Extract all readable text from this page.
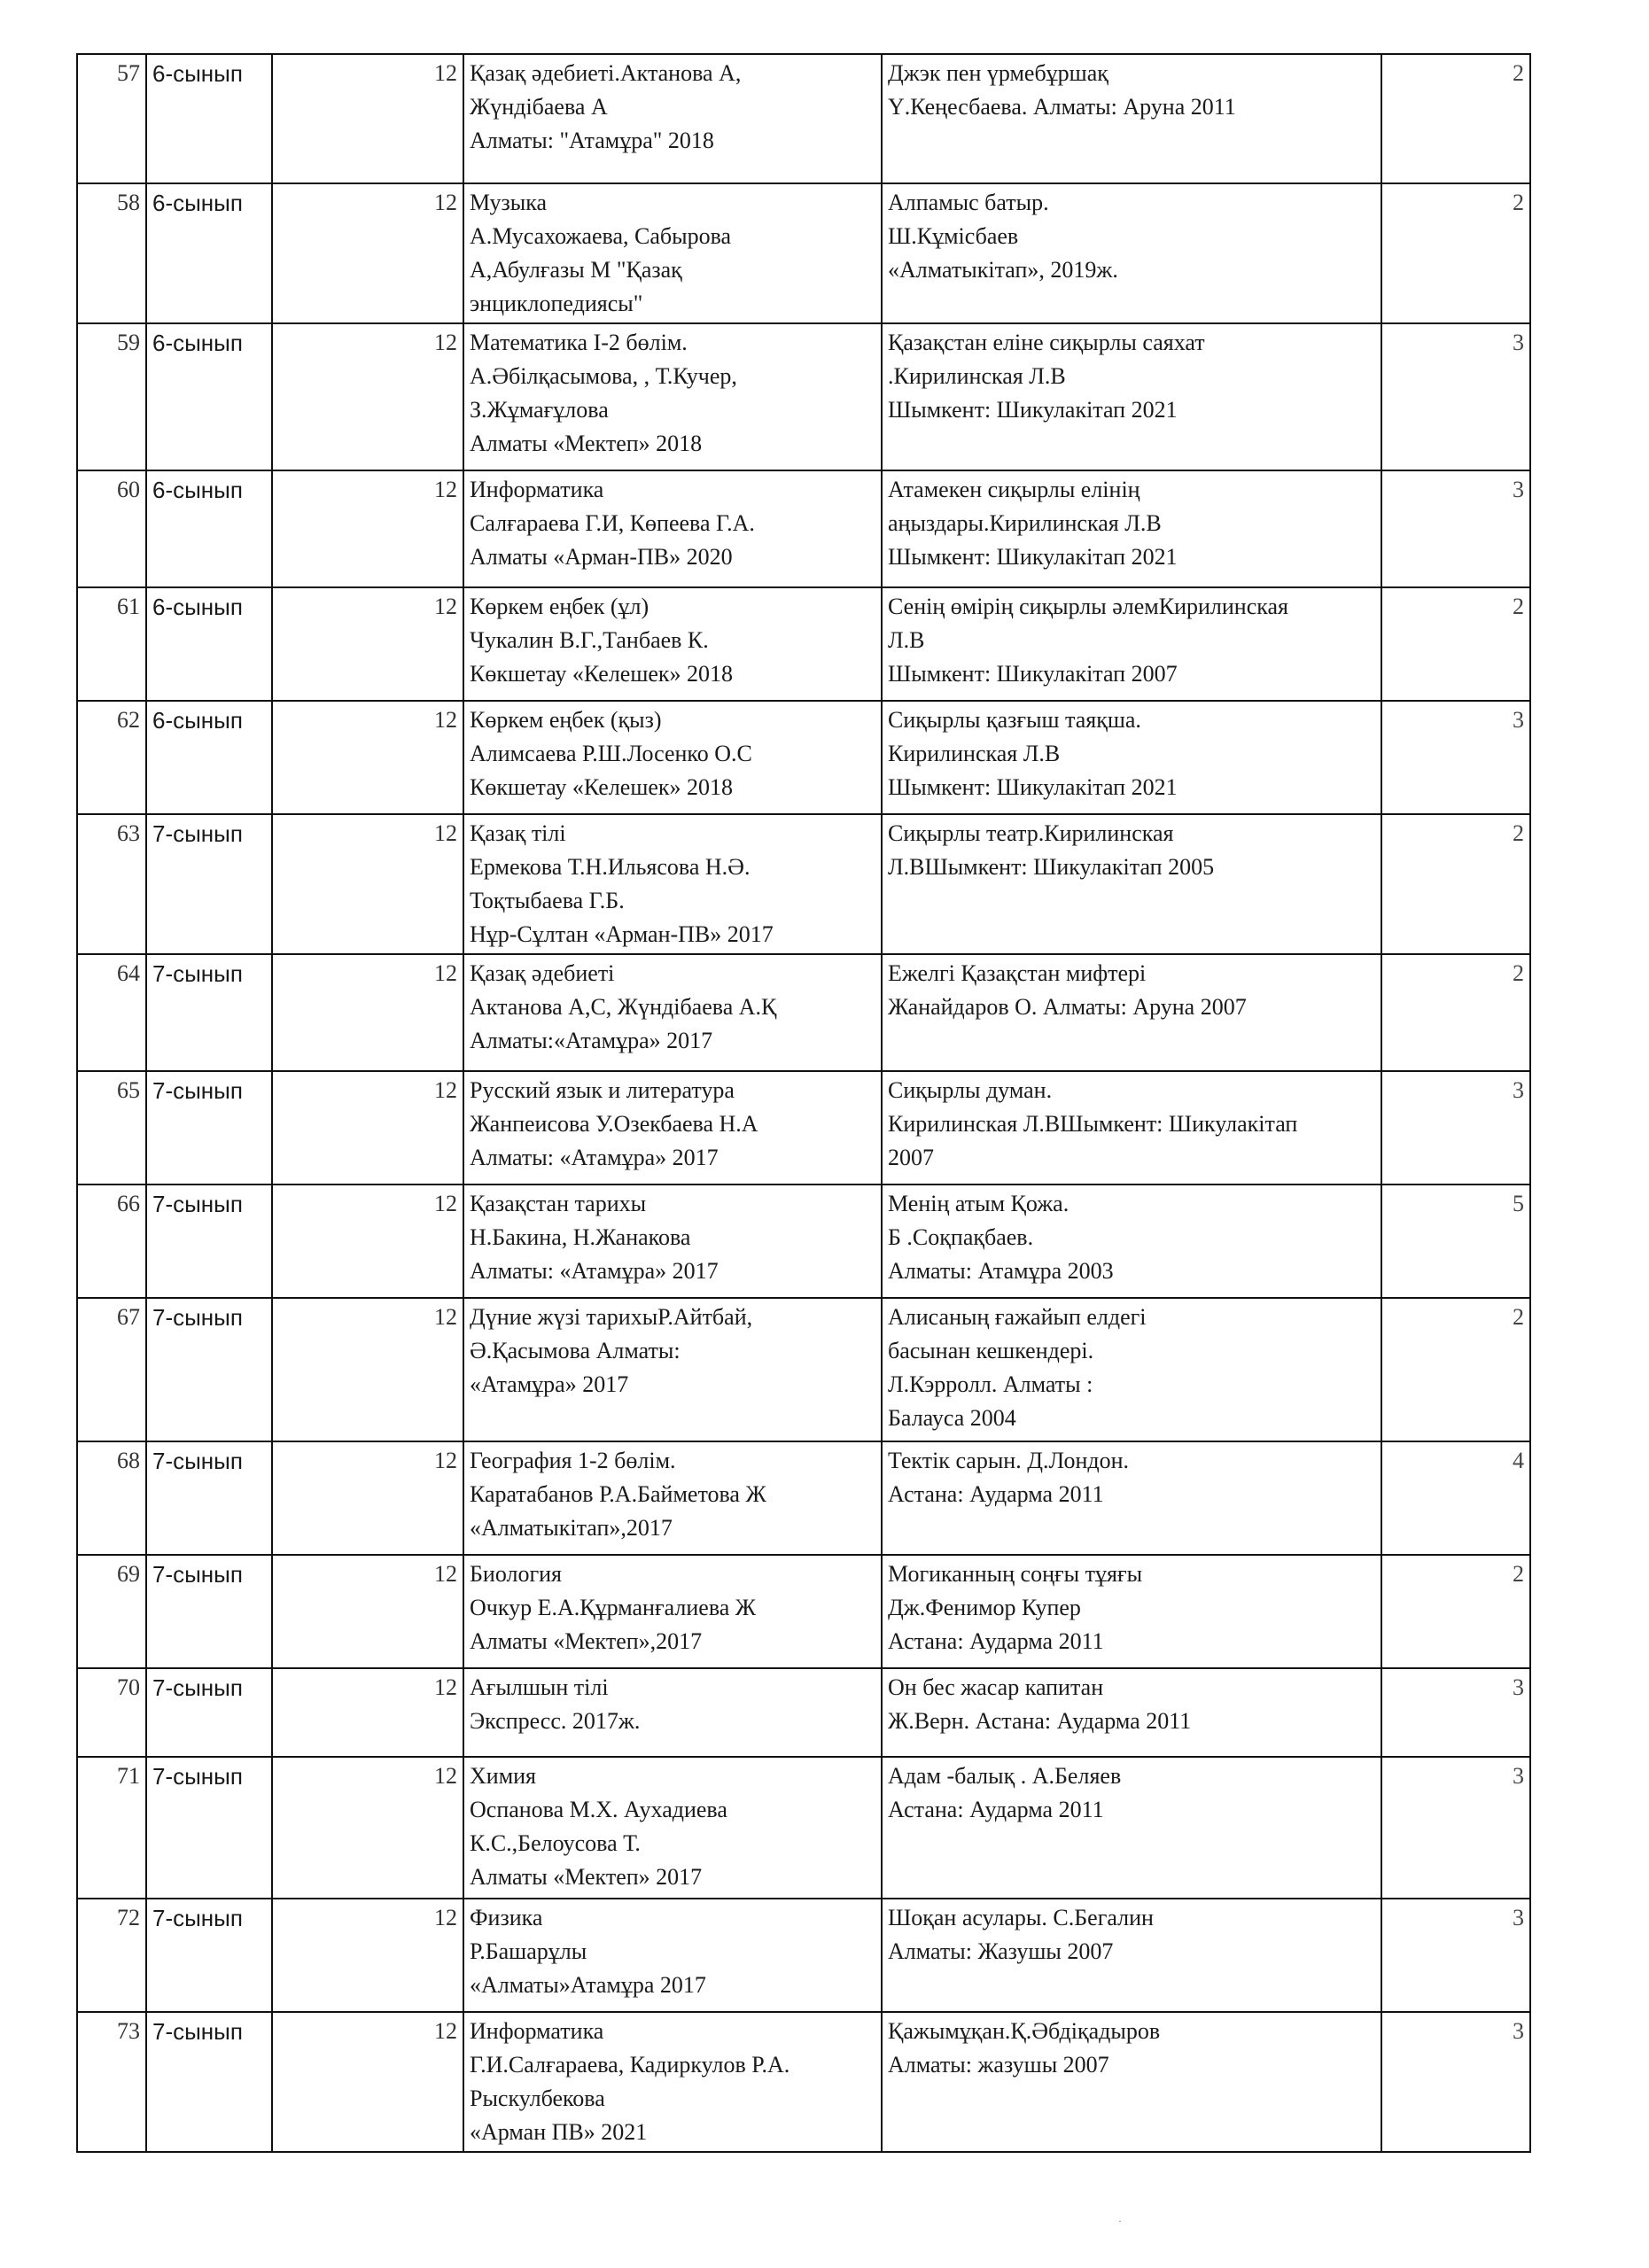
57	6-сынып	12	Қазақ әдебиеті.Актанова А,
Жүндібаева А
Алматы: "Атамұра" 2018	Джэк пен үрмебұршақ
Ү.Кеңесбаева. Алматы: Аруна 2011	2
58	6-сынып	12	Музыка
А.Мусахожаева, Сабырова
А,Абулғазы М "Қазақ
энциклопедиясы"	Алпамыс батыр.
Ш.Кұмісбаев
«Алматыкітап», 2019ж.	2
59	6-сынып	12	Математика I-2 бөлім.
А.Әбілқасымова, , Т.Кучер,
З.Жұмағұлова
Алматы «Мектеп» 2018	Қазақстан еліне сиқырлы саяхат
.Кирилинская Л.В
Шымкент: Шикулакітап 2021	3
60	6-сынып	12	Информатика
Салғараева Г.И, Көпеева Г.А.
Алматы «Арман-ПВ» 2020	Атамекен сиқырлы елінің
аңыздары.Кирилинская Л.В
Шымкент: Шикулакітап 2021	3
61	6-сынып	12	Көркем еңбек (ұл)
Чукалин В.Г.,Танбаев К.
Көкшетау «Келешек» 2018	Сенің өмірің сиқырлы әлемКирилинская
Л.В
Шымкент: Шикулакітап 2007	2
62	6-сынып	12	Көркем еңбек (қыз)
Алимсаева Р.Ш.Лосенко О.С
Көкшетау «Келешек» 2018	Сиқырлы қазғыш таяқша.
Кирилинская Л.В
Шымкент: Шикулакітап 2021	3
63	7-сынып	12	Қазақ тілі
Ермекова Т.Н.Ильясова Н.Ә.
Тоқтыбаева Г.Б.
Нұр-Сұлтан «Арман-ПВ» 2017	Сиқырлы театр.Кирилинская
Л.ВШымкент: Шикулакітап 2005	2
64	7-сынып	12	Қазақ әдебиеті
Актанова А,С, Жүндібаева А.Қ
Алматы:«Атамұра» 2017	Ежелгі Қазақстан мифтері
Жанайдаров О. Алматы: Аруна 2007	2
65	7-сынып	12	Русский язык и литература
Жанпеисова У.Озекбаева Н.А
Алматы: «Атамұра» 2017	Сиқырлы думан.
Кирилинская Л.ВШымкент: Шикулакітап
2007	3
66	7-сынып	12	Қазақстан тарихы
Н.Бакина, Н.Жанакова
Алматы: «Атамұра» 2017	Менің атым Қожа.
Б .Соқпақбаев.
Алматы: Атамұра 2003	5
67	7-сынып	12	Дүние жүзі тарихыР.Айтбай,
Ә.Қасымова Алматы:
«Атамұра» 2017	Алисаның ғажайып елдегі
басынан кешкендері.
Л.Кэрролл. Алматы :
Балауса 2004	2
68	7-сынып	12	География 1-2 бөлім.
Каратабанов Р.А.Байметова Ж
«Алматыкітап»,2017	Тектік сарын. Д.Лондон.
Астана: Аударма 2011	4
69	7-сынып	12	Биология
Очкур Е.А.Құрманғалиева Ж
Алматы «Мектеп»,2017	Могиканның соңғы тұяғы
Дж.Фенимор Купер
Астана: Аударма 2011	2
70	7-сынып	12	Ағылшын тілі
Экспресс. 2017ж.	Он бес жасар капитан
Ж.Верн. Астана: Аударма 2011	3
71	7-сынып	12	Химия
Оспанова М.Х. Аухадиева
К.С.,Белоусова Т.
Алматы «Мектеп» 2017	Адам -балық . А.Беляев
Астана: Аударма 2011	3
72	7-сынып	12	Физика
Р.Башарұлы
«Алматы»Атамұра 2017	Шоқан асулары. С.Бегалин
Алматы: Жазушы 2007	3
73	7-сынып	12	Информатика
Г.И.Салғараева, Кадиркулов Р.А.
Рыскулбекова
«Арман ПВ» 2021	Қажымұқан.Қ.Әбдіқадыров
Алматы: жазушы 2007	3
·
